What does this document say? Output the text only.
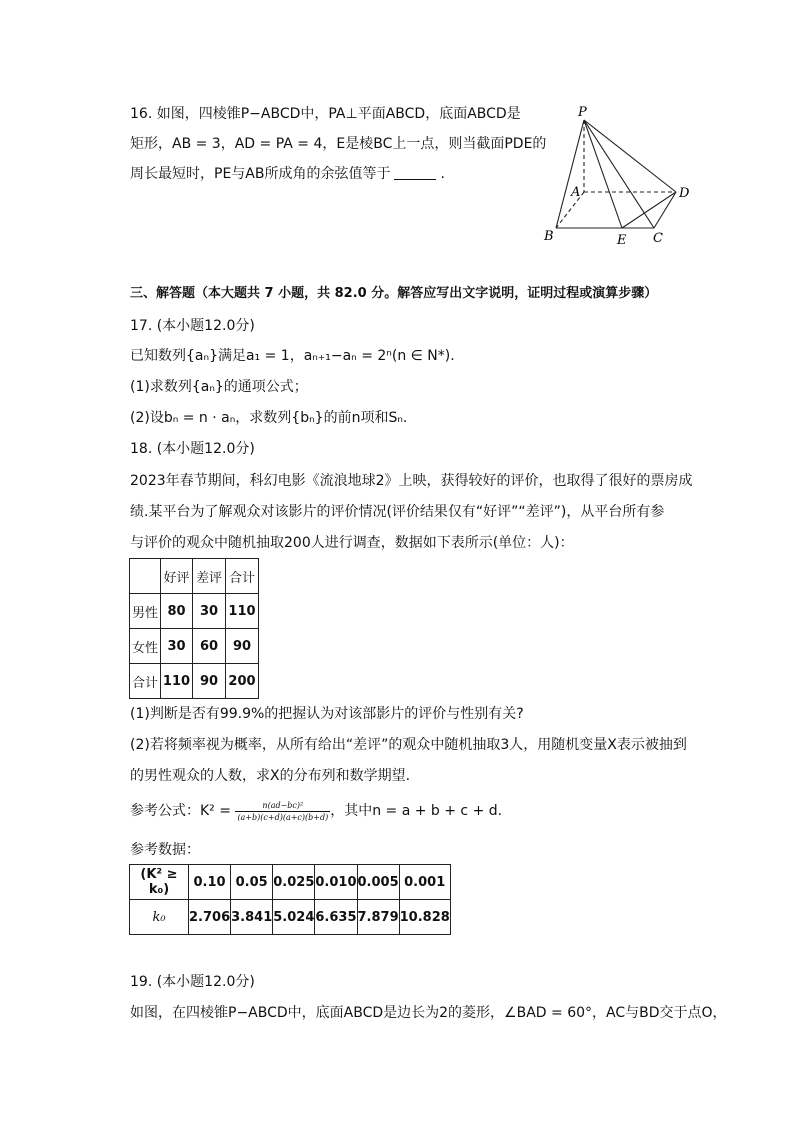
16. 如图，四棱锥P−ABCD中，PA⊥平面ABCD，底面ABCD是
矩形，AB = 3，AD = PA = 4，E是棱BC上一点，则当截面PDE的
周长最短时，PE与AB所成角的余弦值等于	.
P
A	D
B	E C
三、解答题（本大题共 7 小题，共 82.0 分。解答应写出文字说明，证明过程或演算步骤）
17. (本小题12.0分)
已知数列{aₙ}满足a₁ = 1，aₙ₊₁−aₙ = 2ⁿ(n ∈ N*).
(1)求数列{aₙ}的通项公式；
(2)设bₙ = n · aₙ，求数列{bₙ}的前n项和Sₙ.
18. (本小题12.0分)
2023年春节期间，科幻电影《流浪地球2》上映，获得较好的评价，也取得了很好的票房成
绩.某平台为了解观众对该影片的评价情况(评价结果仅有“好评”“差评”)，从平台所有参
与评价的观众中随机抽取200人进行调查，数据如下表所示(单位：人)：
	好评	差评	合计
男性	80	30	110
女性	30	60	90
合计	110	90	200
(1)判断是否有99.9%的把握认为对该部影片的评价与性别有关?
(2)若将频率视为概率，从所有给出“差评”的观众中随机抽取3人，用随机变量X表示被抽到
的男性观众的人数，求X的分布列和数学期望.
参考公式：$K^2 = \frac{\text{n(ad−bc)²}}{(a+b)(c+d)(a+c)(b+d)}$ ，其中n = a + b + c + d.
参考数据：
(K² ≥ k₀)	0.10	0.05	0.025	0.010	0.005	0.001
k₀	2.706	3.841	5.024	6.635	7.879	10.828
19. (本小题12.0分)
如图，在四棱锥P−ABCD中，底面ABCD是边长为2的菱形，∠BAD = 60°，AC与BD交于点O，
